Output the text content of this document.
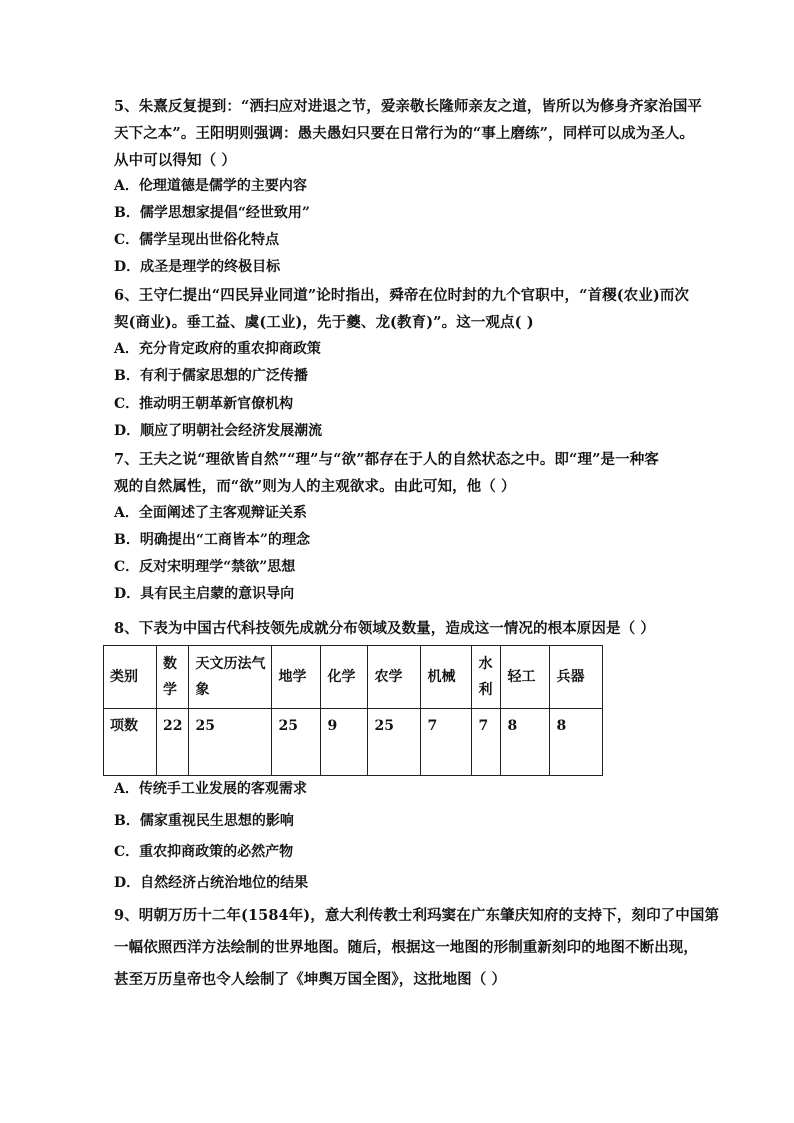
5、朱熹反复提到：“洒扫应对进退之节，爱亲敬长隆师亲友之道，皆所以为修身齐家治国平
天下之本”。王阳明则强调：愚夫愚妇只要在日常行为的“事上磨练”，同样可以成为圣人。
从中可以得知（ ）
A．伦理道德是儒学的主要内容
B．儒学思想家提倡“经世致用”
C．儒学呈现出世俗化特点
D．成圣是理学的终极目标
6、王守仁提出“四民异业同道”论时指出，舜帝在位时封的九个官职中，“首稷(农业)而次
契(商业)。垂工益、虞(工业)，先于夔、龙(教育)”。这一观点( )
A．充分肯定政府的重农抑商政策
B．有利于儒家思想的广泛传播
C．推动明王朝革新官僚机构
D．顺应了明朝社会经济发展潮流
7、王夫之说“理欲皆自然”“理”与“欲”都存在于人的自然状态之中。即“理”是一种客
观的自然属性，而“欲”则为人的主观欲求。由此可知，他（ ）
A．全面阐述了主客观辩证关系
B．明确提出“工商皆本”的理念
C．反对宋明理学“禁欲”思想
D．具有民主启蒙的意识导向
8、下表为中国古代科技领先成就分布领域及数量，造成这一情况的根本原因是（ ）
类别	数学	天文历法气象	地学	化学	农学	机械	水利	轻工	兵器
项数	22	25	25	9	25	7	7	8	8
A．传统手工业发展的客观需求
B．儒家重视民生思想的影响
C．重农抑商政策的必然产物
D．自然经济占统治地位的结果
9、明朝万历十二年(1584年)，意大利传教士利玛窦在广东肇庆知府的支持下，刻印了中国第
一幅依照西洋方法绘制的世界地图。随后，根据这一地图的形制重新刻印的地图不断出现，
甚至万历皇帝也令人绘制了《坤舆万国全图》，这批地图（ ）
